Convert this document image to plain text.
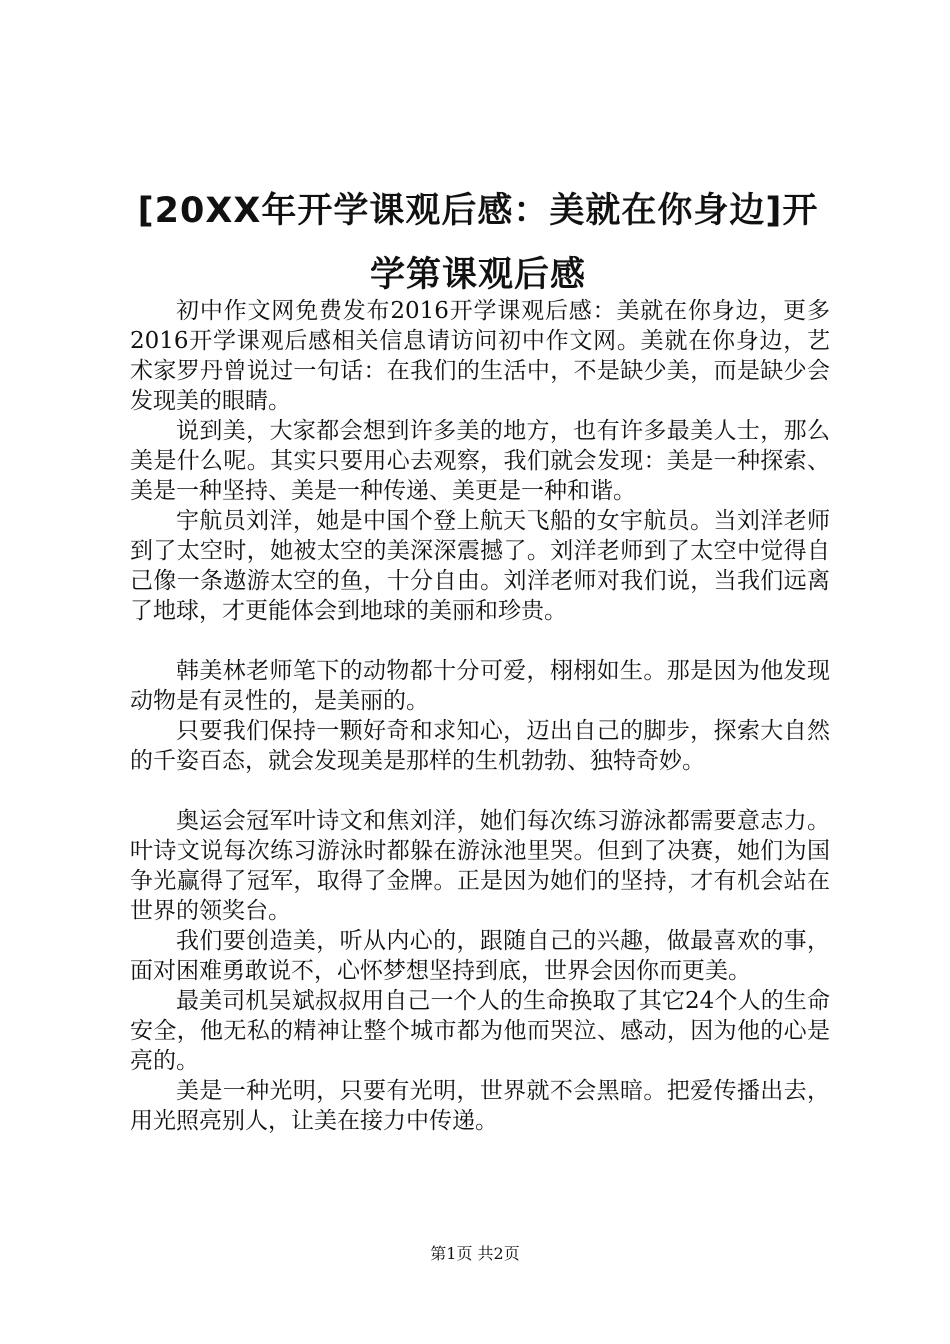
[20XX年开学课观后感：美就在你身边]开学第课观后感

初中作文网免费发布2016开学课观后感：美就在你身边，更多2016开学课观后感相关信息请访问初中作文网。美就在你身边，艺术家罗丹曾说过一句话：在我们的生活中，不是缺少美，而是缺少会发现美的眼睛。

说到美，大家都会想到许多美的地方，也有许多最美人士，那么美是什么呢。其实只要用心去观察，我们就会发现：美是一种探索、美是一种坚持、美是一种传递、美更是一种和谐。

宇航员刘洋，她是中国个登上航天飞船的女宇航员。当刘洋老师到了太空时，她被太空的美深深震撼了。刘洋老师到了太空中觉得自己像一条遨游太空的鱼，十分自由。刘洋老师对我们说，当我们远离了地球，才更能体会到地球的美丽和珍贵。

韩美林老师笔下的动物都十分可爱，栩栩如生。那是因为他发现动物是有灵性的，是美丽的。

只要我们保持一颗好奇和求知心，迈出自己的脚步，探索大自然的千姿百态，就会发现美是那样的生机勃勃、独特奇妙。

奥运会冠军叶诗文和焦刘洋，她们每次练习游泳都需要意志力。叶诗文说每次练习游泳时都躲在游泳池里哭。但到了决赛，她们为国争光赢得了冠军，取得了金牌。正是因为她们的坚持，才有机会站在世界的领奖台。

我们要创造美，听从内心的，跟随自己的兴趣，做最喜欢的事，面对困难勇敢说不，心怀梦想坚持到底，世界会因你而更美。

最美司机吴斌叔叔用自己一个人的生命换取了其它24个人的生命安全，他无私的精神让整个城市都为他而哭泣、感动，因为他的心是亮的。

美是一种光明，只要有光明，世界就不会黑暗。把爱传播出去，用光照亮别人，让美在接力中传递。

第1页 共2页
